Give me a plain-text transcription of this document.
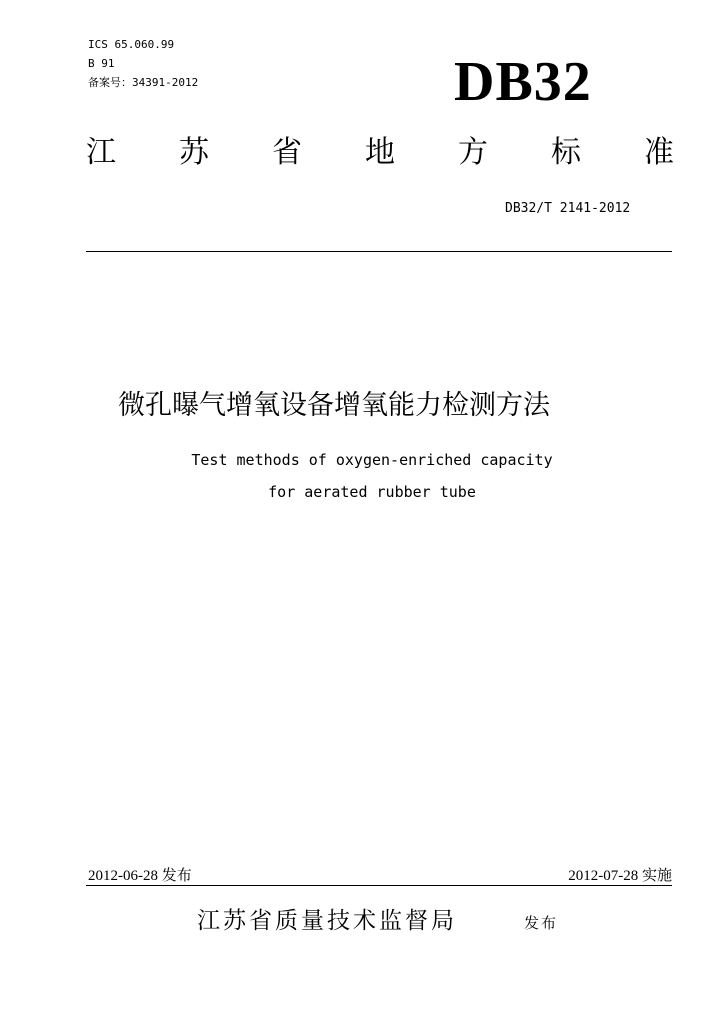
ICS 65.060.99
B 91
备案号：34391-2012	DB32
江 苏 省 地 方 标 准
DB32/T 2141-2012
微孔曝气增氧设备增氧能力检测方法
Test methods of oxygen-enriched capacity
for aerated rubber tube
2012-06-28 发布	2012-07-28 实施
江苏省质量技术监督局	发布
